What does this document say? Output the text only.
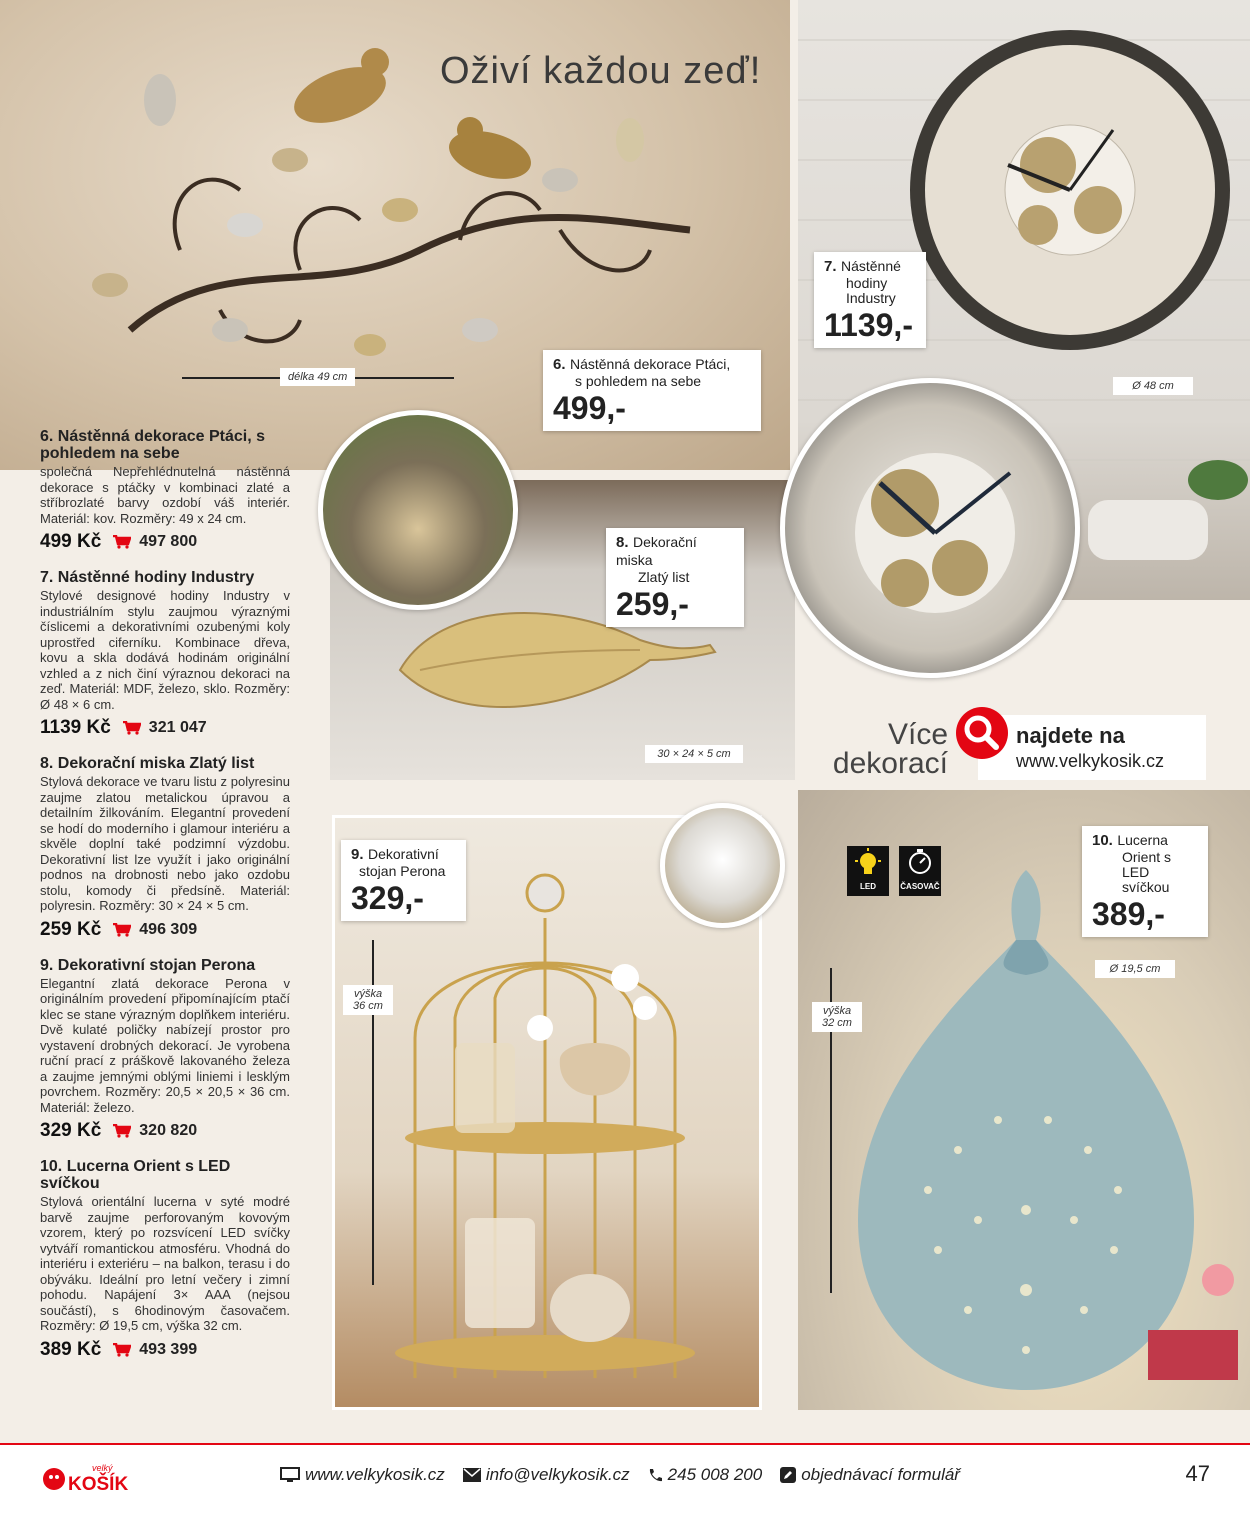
Oživí každou zeď!
6. Nástěnná dekorace Ptáci,
s pohledem na sebe
499,-
7. Nástěnné
hodiny
Industry
1139,-
8. Dekorační miska
Zlatý list
259,-
9. Dekorativní
stojan Perona
329,-
10. Lucerna
Orient s LED
svíčkou
389,-
délka 49 cm
Ø 48 cm
30 × 24 × 5 cm
výška
36 cm	výška
32 cm
Ø 19,5 cm
LED	ČASOVAČ
Více
dekorací
najdete na
www.velkykosik.cz
6. Nástěnná dekorace Ptáci, s pohledem na sebe
společná Nepřehlédnutelná nástěnná dekorace s ptáčky v kombinaci zlaté a stříbrozlaté barvy ozdobí váš interiér. Materiál: kov. Rozměry: 49 x 24 cm.
499 Kč 497 800
7. Nástěnné hodiny Industry
Stylové designové hodiny Industry v industriálním stylu zaujmou výraznými číslicemi a dekorativními ozubenými koly uprostřed ciferníku. Kombinace dřeva, kovu a skla dodává hodinám originální vzhled a z nich činí výraznou dekoraci na zeď. Materiál: MDF, železo, sklo. Rozměry: Ø 48 × 6 cm.
1139 Kč 321 047
8. Dekorační miska Zlatý list
Stylová dekorace ve tvaru listu z polyresinu zaujme zlatou metalickou úpravou a detailním žilkováním. Elegantní provedení se hodí do moderního i glamour interiéru a skvěle doplní také podzimní výzdobu. Dekorativní list lze využít i jako originální podnos na drobnosti nebo jako ozdobu stolu, komody či předsíně. Materiál: polyresin. Rozměry: 30 × 24 × 5 cm.
259 Kč 496 309
9. Dekorativní stojan Perona
Elegantní zlatá dekorace Perona v originálním provedení připomínajícím ptačí klec se stane výrazným doplňkem interiéru. Dvě kulaté poličky nabízejí prostor pro vystavení drobných dekorací. Je vyrobena ruční prací z práškově lakovaného železa a zaujme jemnými oblými liniemi i lesklým povrchem. Rozměry: 20,5 × 20,5 × 36 cm. Materiál: železo.
329 Kč 320 820
10. Lucerna Orient s LED svíčkou
Stylová orientální lucerna v syté modré barvě zaujme perforovaným kovovým vzorem, který po rozsvícení LED svíčky vytváří romantickou atmosféru. Vhodná do interiéru i exteriéru – na balkon, terasu i do obýváku. Ideální pro letní večery i zimní pohodu. Napájení 3× AAA (nejsou součástí), s 6hodinovým časovačem. Rozměry: Ø 19,5 cm, výška 32 cm.
389 Kč 493 399
velký
KOŠÍK	www.velkykosik.cz info@velkykosik.cz 245 008 200 objednávací formulář	47
